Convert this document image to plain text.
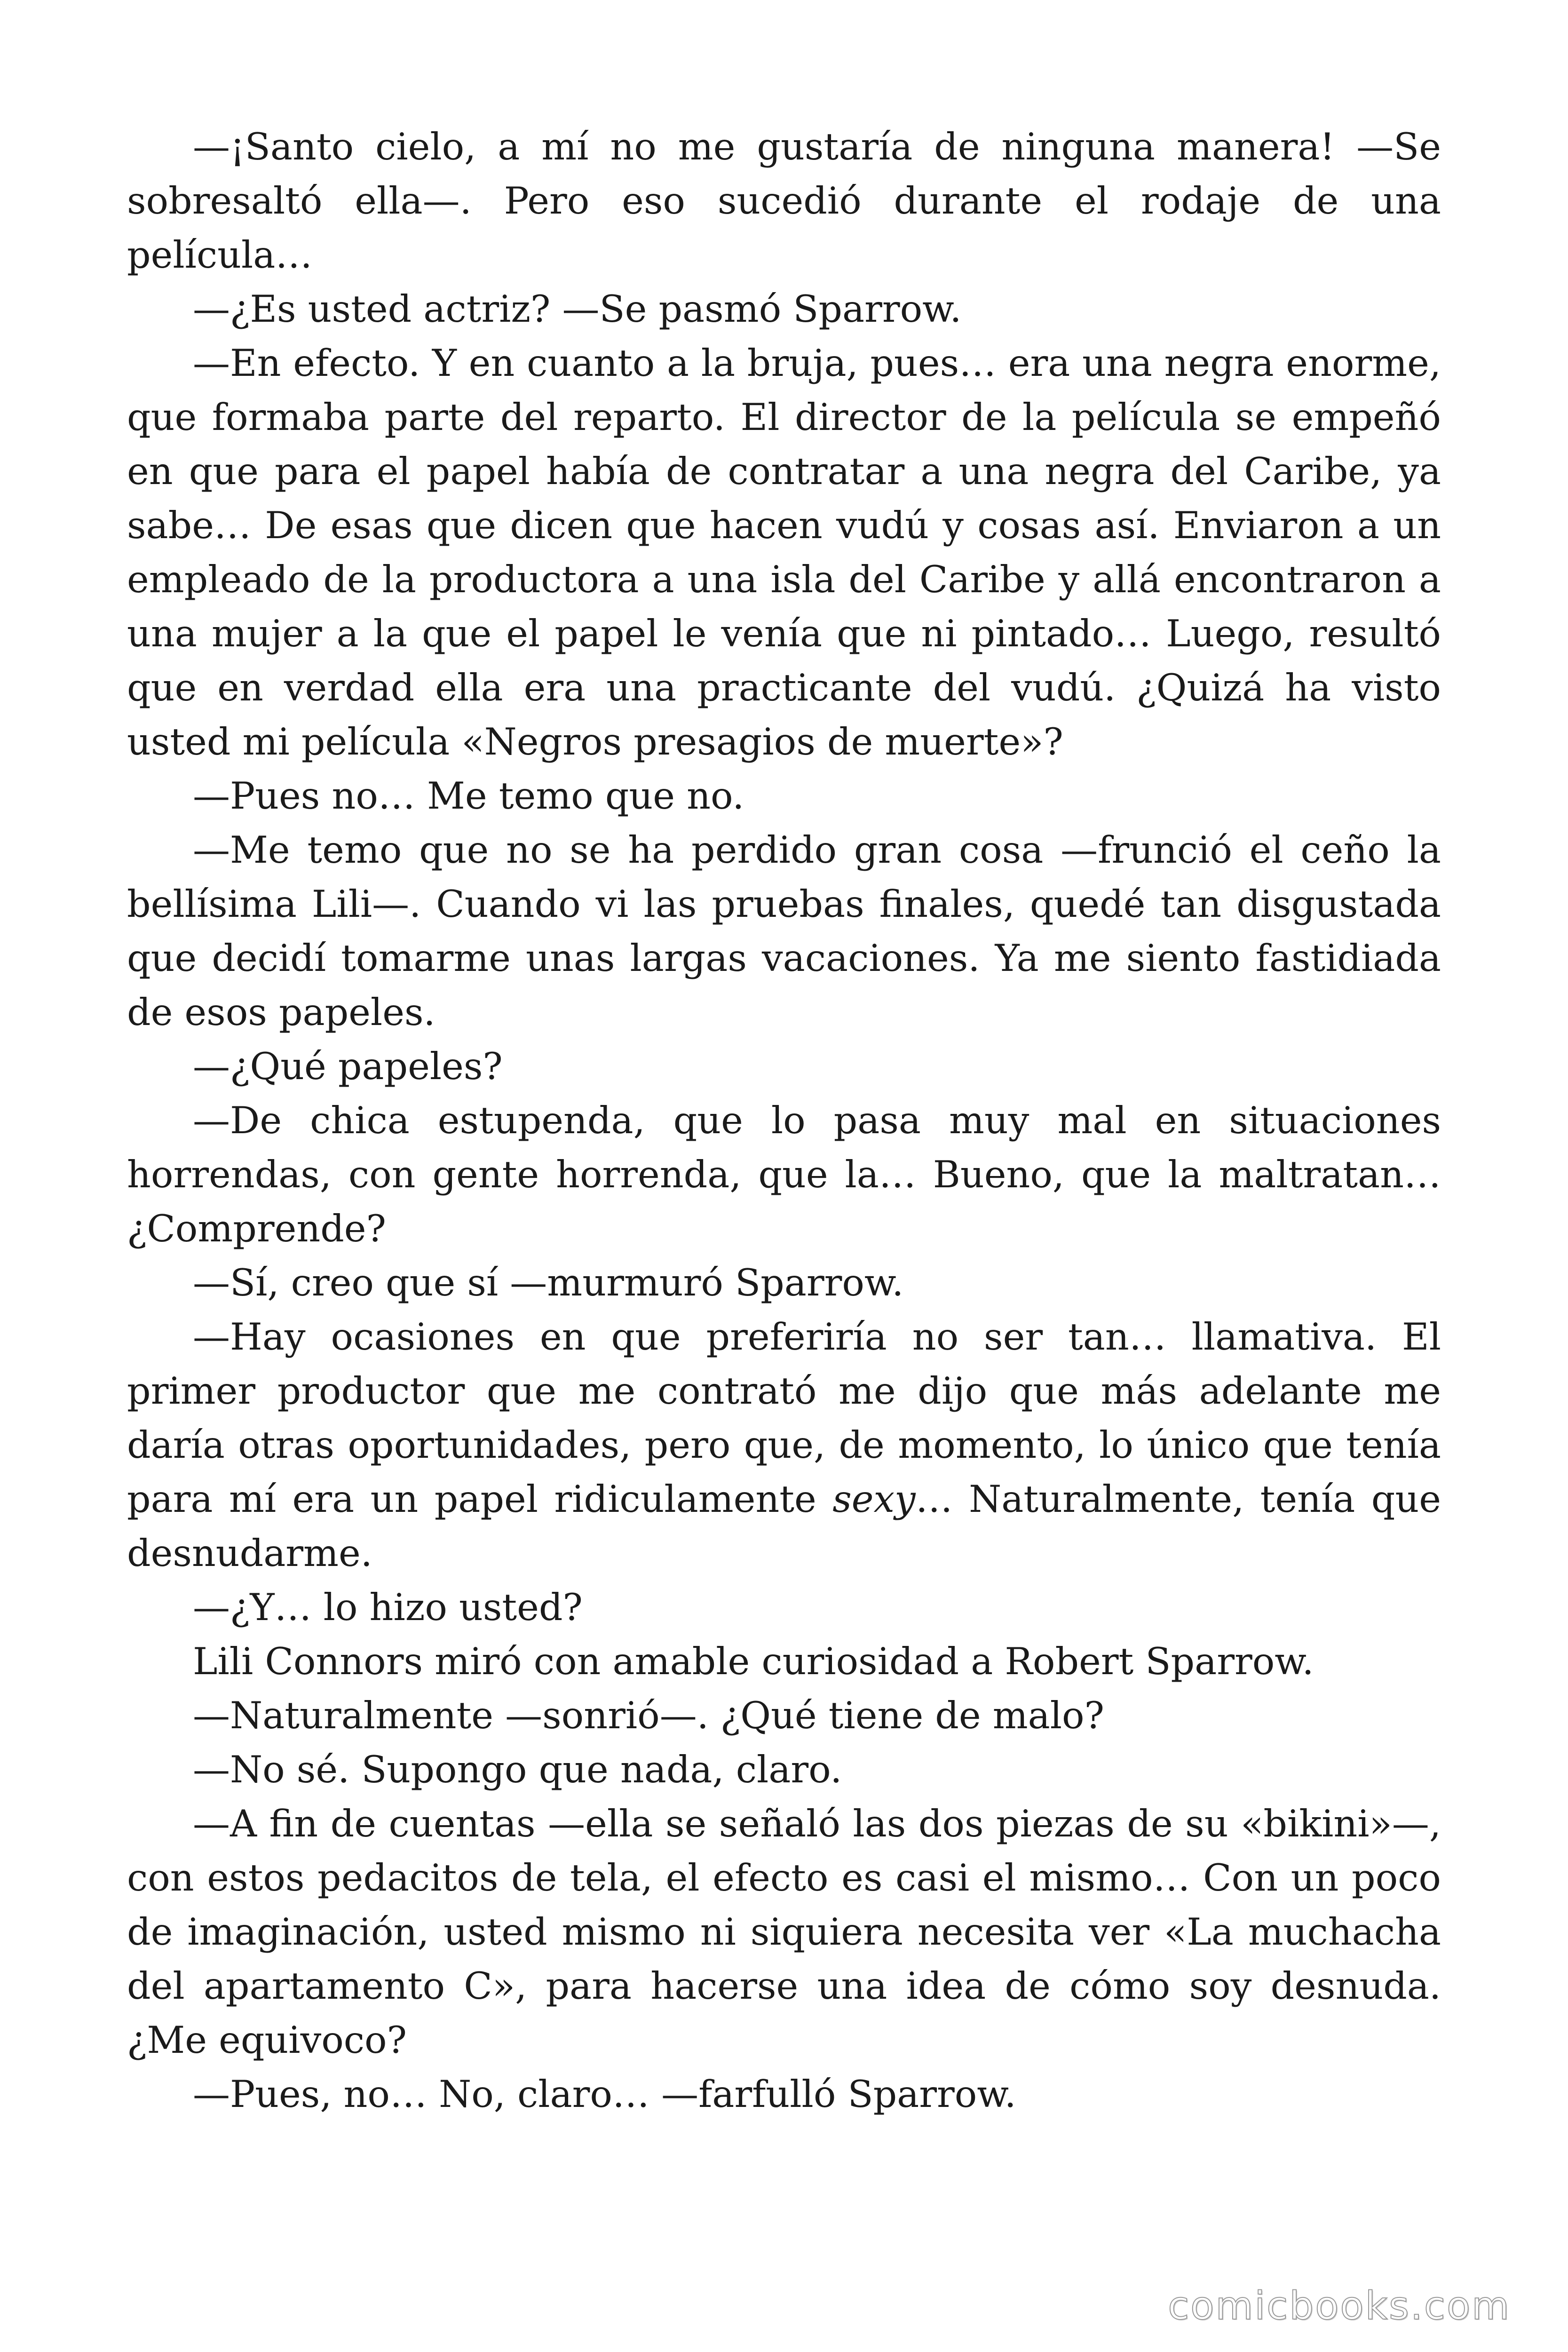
—¡Santo cielo, a mí no me gustaría de ninguna manera! —Se sobresaltó ella—. Pero eso sucedió durante el rodaje de una película…

—¿Es usted actriz? —Se pasmó Sparrow.

—En efecto. Y en cuanto a la bruja, pues… era una negra enorme, que formaba parte del reparto. El director de la película se empeñó en que para el papel había de contratar a una negra del Caribe, ya sabe… De esas que dicen que hacen vudú y cosas así. Enviaron a un empleado de la productora a una isla del Caribe y allá encontraron a una mujer a la que el papel le venía que ni pintado… Luego, resultó que en verdad ella era una practicante del vudú. ¿Quizá ha visto usted mi película «Negros presagios de muerte»?

—Pues no… Me temo que no.

—Me temo que no se ha perdido gran cosa —frunció el ceño la bellísima Lili—. Cuando vi las pruebas finales, quedé tan disgustada que decidí tomarme unas largas vacaciones. Ya me siento fastidiada de esos papeles.

—¿Qué papeles?

—De chica estupenda, que lo pasa muy mal en situaciones horrendas, con gente horrenda, que la… Bueno, que la maltratan… ¿Comprende?

—Sí, creo que sí —murmuró Sparrow.

—Hay ocasiones en que preferiría no ser tan… llamativa. El primer productor que me contrató me dijo que más adelante me daría otras oportunidades, pero que, de momento, lo único que tenía para mí era un papel ridiculamente sexy… Naturalmente, tenía que desnudarme.

—¿Y… lo hizo usted?

Lili Connors miró con amable curiosidad a Robert Sparrow.

—Naturalmente —sonrió—. ¿Qué tiene de malo?

—No sé. Supongo que nada, claro.

—A fin de cuentas —ella se señaló las dos piezas de su «bikini»—, con estos pedacitos de tela, el efecto es casi el mismo… Con un poco de imaginación, usted mismo ni siquiera necesita ver «La muchacha del apartamento C», para hacerse una idea de cómo soy desnuda. ¿Me equivoco?

—Pues, no… No, claro… —farfulló Sparrow.

comicbooks.com
